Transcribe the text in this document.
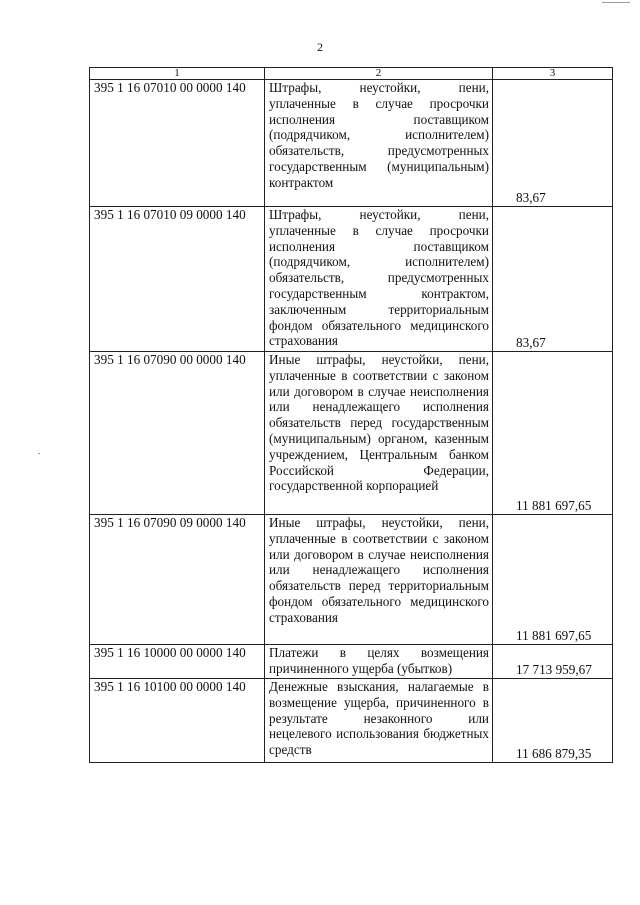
2
1	2	3
395 1 16 07010 00 0000 140	Штрафы, неустойки, пени, уплаченные в случае просрочки исполнения поставщиком (подрядчиком, исполнителем) обязательств, предусмотренных государственным (муниципальным) контрактом	83,67
395 1 16 07010 09 0000 140	Штрафы, неустойки, пени, уплаченные в случае просрочки исполнения поставщиком (подрядчиком, исполнителем) обязательств, предусмотренных государственным контрактом, заключенным территориальным фондом обязательного медицинского страхования	83,67
395 1 16 07090 00 0000 140	Иные штрафы, неустойки, пени, уплаченные в соответствии с законом или договором в случае неисполнения или ненадлежащего исполнения обязательств перед государственным (муниципальным) органом, казенным учреждением, Центральным банком Российской Федерации, государственной корпорацией	11 881 697,65
395 1 16 07090 09 0000 140	Иные штрафы, неустойки, пени, уплаченные в соответствии с законом или договором в случае неисполнения или ненадлежащего исполнения обязательств перед территориальным фондом обязательного медицинского страхования	11 881 697,65
395 1 16 10000 00 0000 140	Платежи в целях возмещения причиненного ущерба (убытков)	17 713 959,67
395 1 16 10100 00 0000 140	Денежные взыскания, налагаемые в возмещение ущерба, причиненного в результате незаконного или нецелевого использования бюджетных средств	11 686 879,35
